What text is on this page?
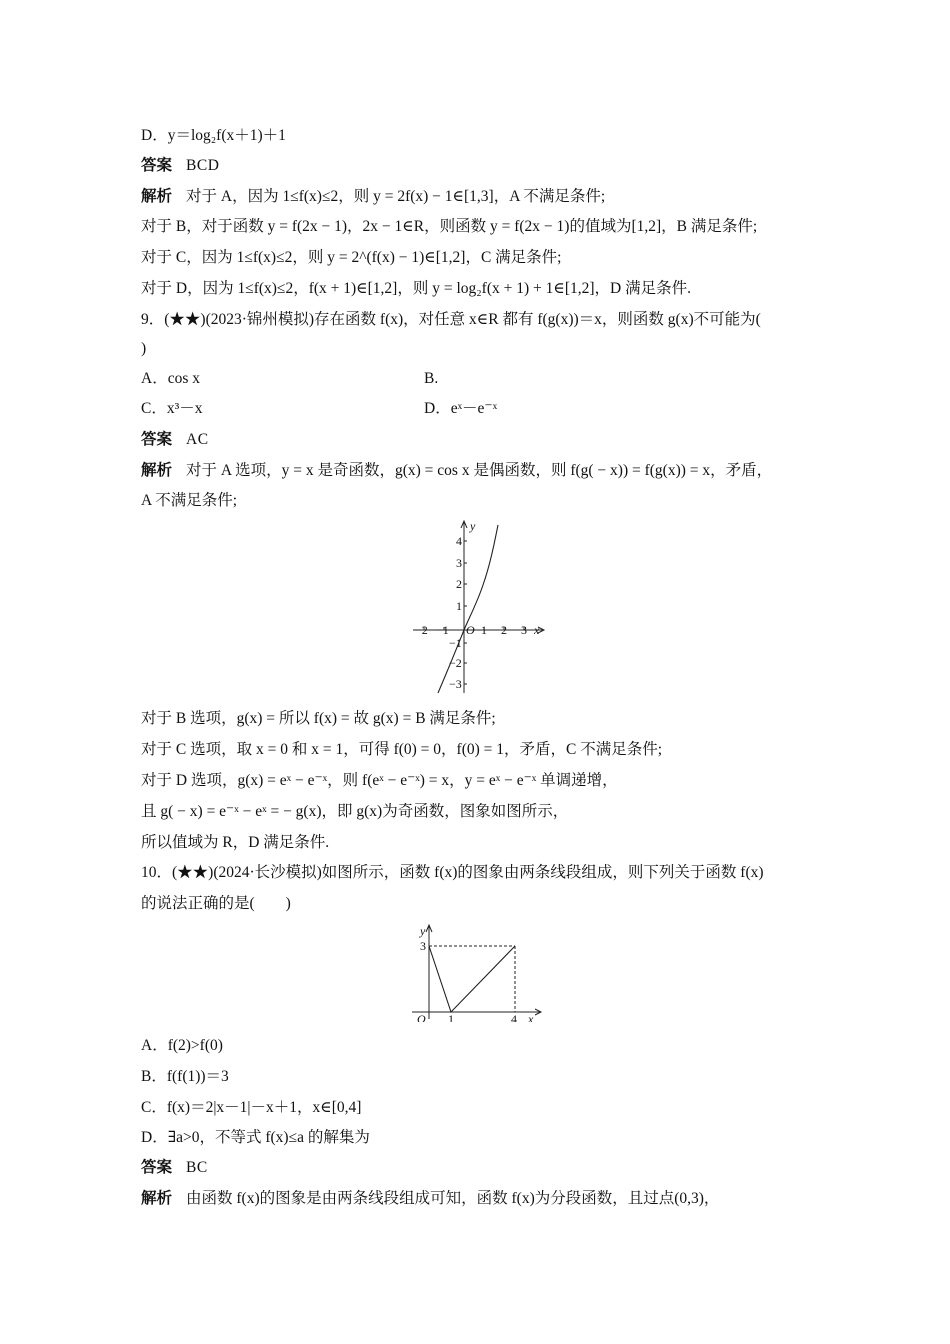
D．y＝log₂f(x＋1)＋1
答案 BCD
解析 对于 A，因为 1≤f(x)≤2，则 y = 2f(x) − 1∈[1,3]，A 不满足条件;
对于 B，对于函数 y = f(2x − 1)，2x − 1∈R，则函数 y = f(2x − 1)的值域为[1,2]，B 满足条件;
对于 C，因为 1≤f(x)≤2，则 y = 2^(f(x) − 1)∈[1,2]，C 满足条件;
对于 D，因为 1≤f(x)≤2，f(x + 1)∈[1,2]，则 y = log₂f(x + 1) + 1∈[1,2]，D 满足条件.
9．(★★)(2023·锦州模拟)存在函数 f(x)，对任意 x∈R 都有 f(g(x))＝x，则函数 g(x)不可能为(
)
A．cos x	B.
C．x³－x	D．eˣ－e⁻ˣ
答案 AC
解析 对于 A 选项，y = x 是奇函数，g(x) = cos x 是偶函数，则 f(g( − x)) = f(g(x)) = x，矛盾，
A 不满足条件;
y
x
O
−2 −1	1 2 3
4
3
2
1
−1
−2
−3
对于 B 选项，g(x) = 所以 f(x) = 故 g(x) = B 满足条件;
对于 C 选项，取 x = 0 和 x = 1，可得 f(0) = 0，f(0) = 1，矛盾，C 不满足条件;
对于 D 选项，g(x) = eˣ − e⁻ˣ，则 f(eˣ − e⁻ˣ) = x，y = eˣ − e⁻ˣ 单调递增，
且 g( − x) = e⁻ˣ − eˣ = − g(x)，即 g(x)为奇函数，图象如图所示，
所以值域为 R，D 满足条件.
10．(★★)(2024·长沙模拟)如图所示，函数 f(x)的图象由两条线段组成，则下列关于函数 f(x)
的说法正确的是(　　)
y
x
O
3
1	4
A．f(2)>f(0)
B．f(f(1))＝3
C．f(x)＝2|x－1|－x＋1，x∈[0,4]
D．∃a>0，不等式 f(x)≤a 的解集为
答案 BC
解析 由函数 f(x)的图象是由两条线段组成可知，函数 f(x)为分段函数，且过点(0,3)，
